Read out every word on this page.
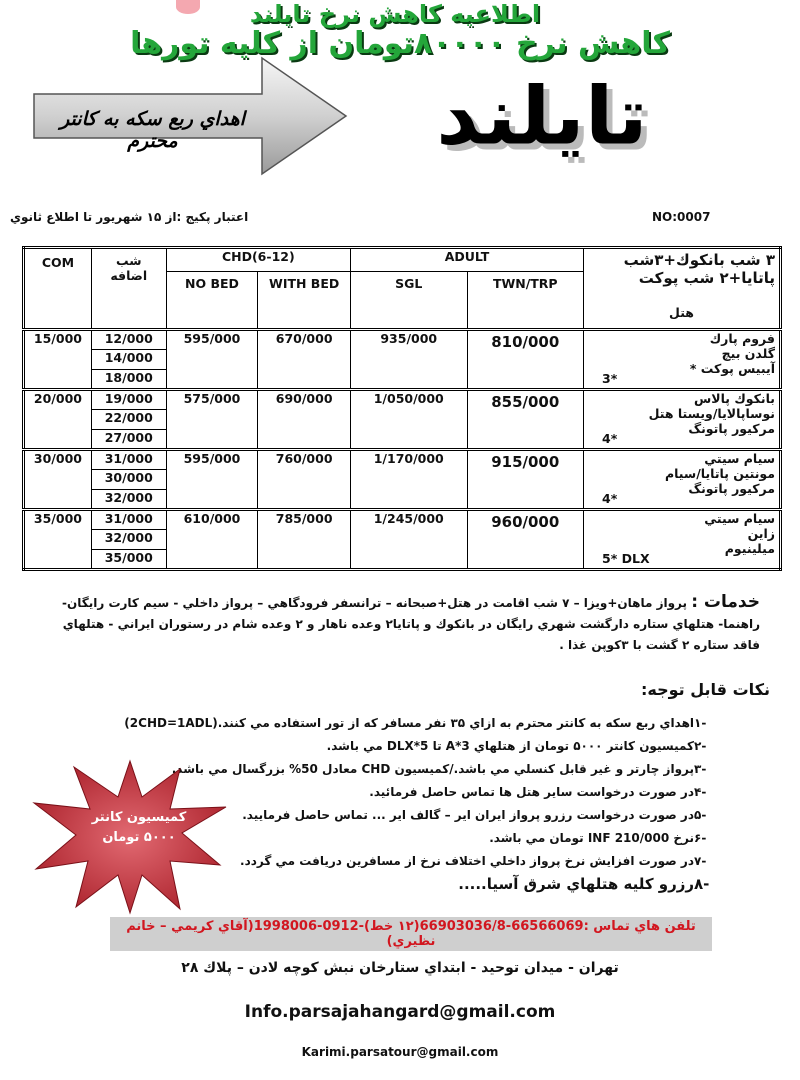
اطلاعيه كاهش نرخ تايلند
كاهش نرخ ۸۰۰۰۰تومان از كليه تورها
اهداي ربع سكه به كانتر محترم	تايلند
اعتبار پكيج :از ۱۵ شهريور تا اطلاع ثانوي	NO:0007
COM	شب اضافه	CHD(6-12)		ADULT		۳ شب بانكوك+۳شب پاتايا+۲ شب پوكت
هتل

		NO BED	WITH BED	SGL	TWN/TRP	
15/000	12/000	595/000	670/000	935/000	810/000	فروم پارك
گلدن بيچ
آيبيس پوكت *
3*

	14/000					
	18/000					
20/000	19/000	575/000	690/000	1/050/000	855/000	بانكوك پالاس
نوساپالايا/ويستا هتل
مركيور پاتونگ
4*

	22/000					
	27/000					
30/000	31/000	595/000	760/000	1/170/000	915/000	سيام سيتي
مونتين پاتايا/سيام
مركيور پاتونگ
4*

	30/000					
	32/000					
35/000	31/000	610/000	785/000	1/245/000	960/000	سيام سيتي
زاين
ميلينيوم
5* DLX

	32/000					
	35/000					
خدمات : پرواز ماهان+ويزا – ۷ شب اقامت در هتل+صبحانه – ترانسفر فرودگاهي – پرواز داخلي - سيم كارت رايگان-
راهنما- هتلهاي ستاره دارگشت شهري رايگان در بانكوك و پاتايا۲ وعده ناهار و ۲ وعده شام در رستوران ايراني - هتلهاي
فاقد ستاره ۲ گشت با ۳كوپن غذا .
نكات قابل توجه:
-۱اهداي ربع سكه به كانتر محترم به ازاي ۳۵ نفر مسافر كه از تور استفاده مي كنند.(2CHD=1ADL)
-۲كميسيون كانتر ۵۰۰۰ تومان از هتلهاي 3*A تا 5*DLX مي باشد.
-۳پرواز چارتر و غير قابل كنسلي مي باشد./كميسيون CHD معادل 50% بزرگسال مي باشد.
-۴در صورت درخواست ساير هتل ها تماس حاصل فرمائيد.
-۵در صورت درخواست رزرو پرواز ايران اير – گالف اير ... تماس حاصل فرماييد.
-۶نرخ INF 210/000 تومان مي باشد.
-۷در صورت افزايش نرخ پرواز داخلي اختلاف نرخ از مسافرين دريافت مي گردد.
-۸رزرو كليه هتلهاي شرق آسيا.....
كميسيون كانتر
۵۰۰۰ تومان
تلفن هاي تماس :66566069-66903036/8(۱۲ خط)-0912-1998006(آقاي كريمي – خانم نظيري)
تهران - ميدان توحيد - ابتداي ستارخان نبش كوچه لادن – پلاك ۲۸
Info.parsajahangard@gmail.com
Karimi.parsatour@gmail.com
